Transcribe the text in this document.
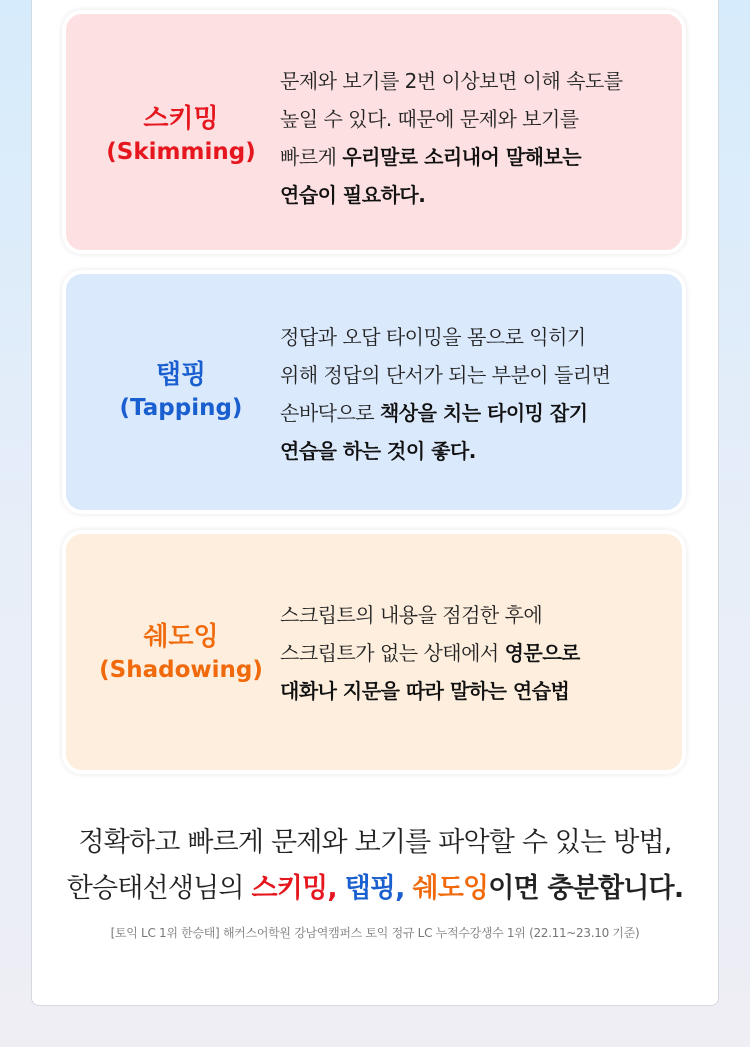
스키밍
(Skimming)
문제와 보기를 2번 이상보면 이해 속도를
높일 수 있다. 때문에 문제와 보기를
빠르게 우리말로 소리내어 말해보는
연습이 필요하다.
탭핑
(Tapping)
정답과 오답 타이밍을 몸으로 익히기
위해 정답의 단서가 되는 부분이 들리면
손바닥으로 책상을 치는 타이밍 잡기
연습을 하는 것이 좋다.
쉐도잉
(Shadowing)
스크립트의 내용을 점검한 후에
스크립트가 없는 상태에서 영문으로
대화나 지문을 따라 말하는 연습법
정확하고 빠르게 문제와 보기를 파악할 수 있는 방법,
한승태선생님의 스키밍, 탭핑, 쉐도잉이면 충분합니다.
[토익 LC 1위 한승태] 해커스어학원 강남역캠퍼스 토익 정규 LC 누적수강생수 1위 (22.11~23.10 기준)
